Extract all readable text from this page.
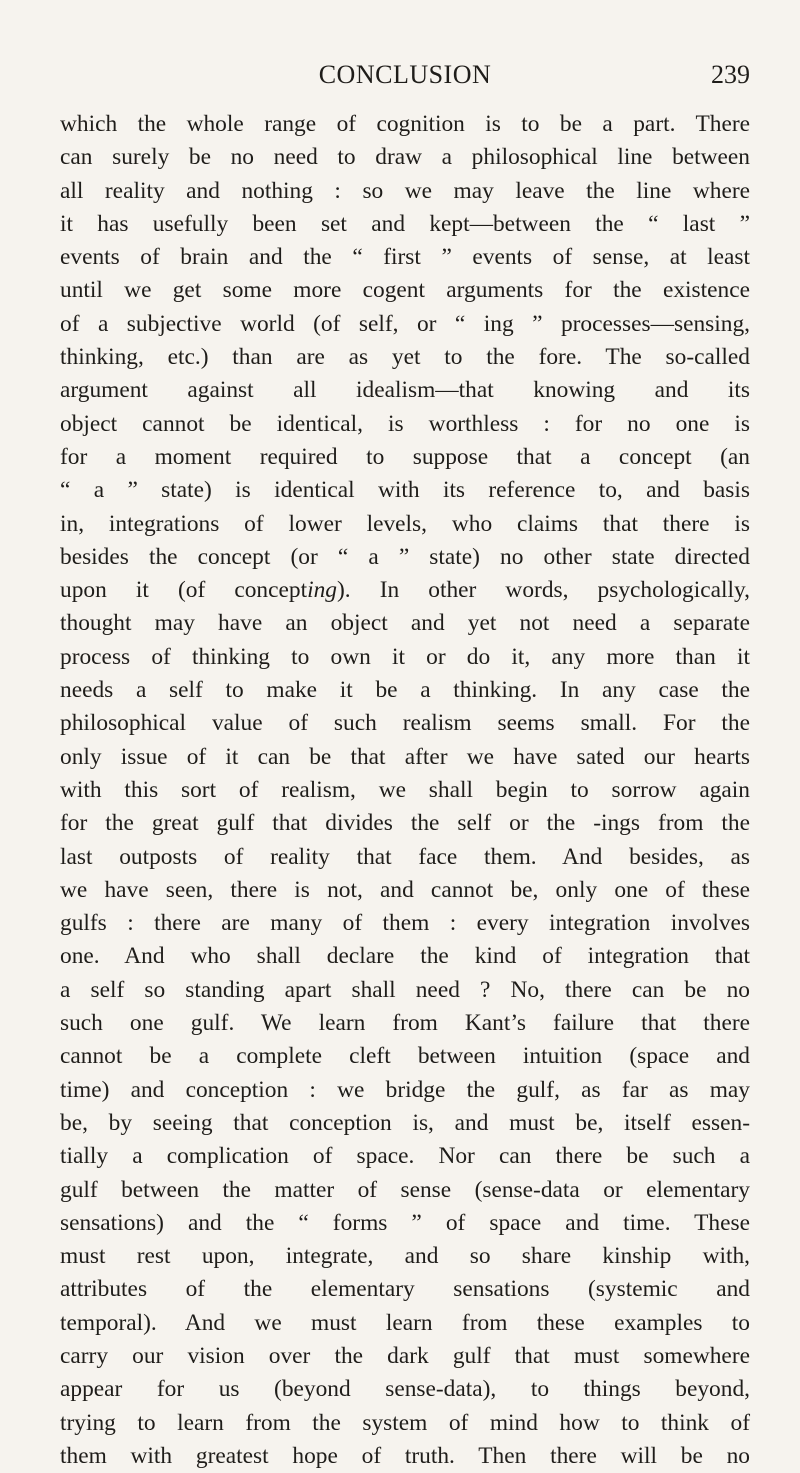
CONCLUSION	239
which the whole range of cognition is to be a part. There
can surely be no need to draw a philosophical line between
all reality and nothing : so we may leave the line where
it has usefully been set and kept—between the “ last ”
events of brain and the “ first ” events of sense, at least
until we get some more cogent arguments for the existence
of a subjective world (of self, or “ ing ” processes—sensing,
thinking, etc.) than are as yet to the fore. The so-called
argument against all idealism—that knowing and its
object cannot be identical, is worthless : for no one is
for a moment required to suppose that a concept (an
“ a ” state) is identical with its reference to, and basis
in, integrations of lower levels, who claims that there is
besides the concept (or “ a ” state) no other state directed
upon it (of concepting). In other words, psychologically,
thought may have an object and yet not need a separate
process of thinking to own it or do it, any more than it
needs a self to make it be a thinking. In any case the
philosophical value of such realism seems small. For the
only issue of it can be that after we have sated our hearts
with this sort of realism, we shall begin to sorrow again
for the great gulf that divides the self or the -ings from the
last outposts of reality that face them. And besides, as
we have seen, there is not, and cannot be, only one of these
gulfs : there are many of them : every integration involves
one. And who shall declare the kind of integration that
a self so standing apart shall need ? No, there can be no
such one gulf. We learn from Kant’s failure that there
cannot be a complete cleft between intuition (space and
time) and conception : we bridge the gulf, as far as may
be, by seeing that conception is, and must be, itself essen-
tially a complication of space. Nor can there be such a
gulf between the matter of sense (sense-data or elementary
sensations) and the “ forms ” of space and time. These
must rest upon, integrate, and so share kinship with,
attributes of the elementary sensations (systemic and
temporal). And we must learn from these examples to
carry our vision over the dark gulf that must somewhere
appear for us (beyond sense-data), to things beyond,
trying to learn from the system of mind how to think of
them with greatest hope of truth. Then there will be no
